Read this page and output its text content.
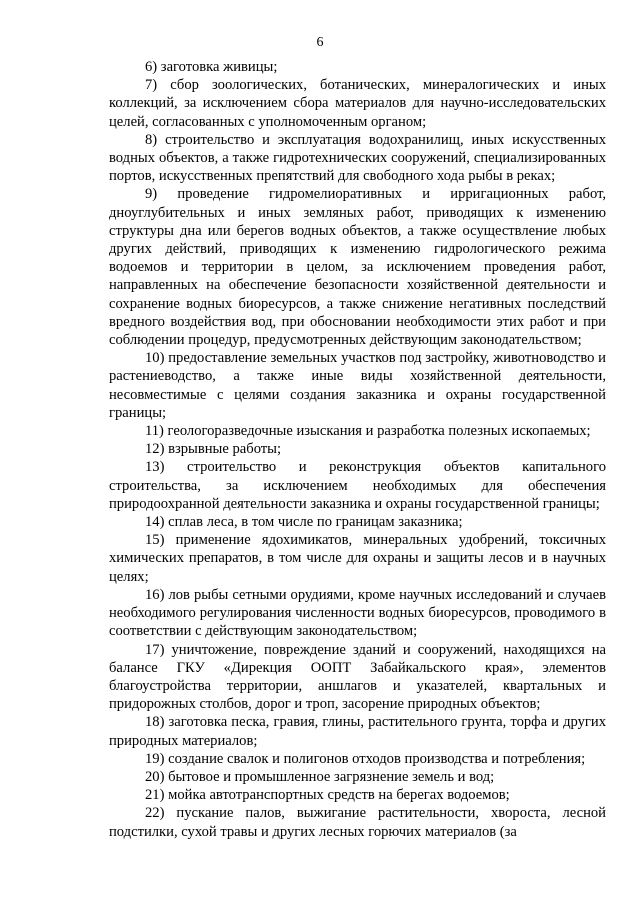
6

6) заготовка живицы;

7) сбор зоологических, ботанических, минералогических и иных коллекций, за исключением сбора материалов для научно-исследовательских целей, согласованных с уполномоченным органом;

8) строительство и эксплуатация водохранилищ, иных искусственных водных объектов, а также гидротехнических сооружений, специализированных портов, искусственных препятствий для свободного хода рыбы в реках;

9) проведение гидромелиоративных и ирригационных работ, дноуглубительных и иных земляных работ, приводящих к изменению структуры дна или берегов водных объектов, а также осуществление любых других действий, приводящих к изменению гидрологического режима водоемов и территории в целом, за исключением проведения работ, направленных на обеспечение безопасности хозяйственной деятельности и сохранение водных биоресурсов, а также снижение негативных последствий вредного воздействия вод, при обосновании необходимости этих работ и при соблюдении процедур, предусмотренных действующим законодательством;

10) предоставление земельных участков под застройку, животноводство и растениеводство, а также иные виды хозяйственной деятельности, несовместимые с целями создания заказника и охраны государственной границы;

11) геологоразведочные изыскания и разработка полезных ископаемых;

12) взрывные работы;

13) строительство и реконструкция объектов капитального строительства, за исключением необходимых для обеспечения природоохранной деятельности заказника и охраны государственной границы;

14) сплав леса, в том числе по границам заказника;

15) применение ядохимикатов, минеральных удобрений, токсичных химических препаратов, в том числе для охраны и защиты лесов и в научных целях;

16) лов рыбы сетными орудиями, кроме научных исследований и случаев необходимого регулирования численности водных биоресурсов, проводимого в соответствии с действующим законодательством;

17) уничтожение, повреждение зданий и сооружений, находящихся на балансе ГКУ «Дирекция ООПТ Забайкальского края», элементов благоустройства территории, аншлагов и указателей, квартальных и придорожных столбов, дорог и троп, засорение природных объектов;

18) заготовка песка, гравия, глины, растительного грунта, торфа и других природных материалов;

19) создание свалок и полигонов отходов производства и потребления;

20) бытовое и промышленное загрязнение земель и вод;

21) мойка автотранспортных средств на берегах водоемов;

22) пускание палов, выжигание растительности, хвороста, лесной подстилки, сухой травы и других лесных горючих материалов (за
